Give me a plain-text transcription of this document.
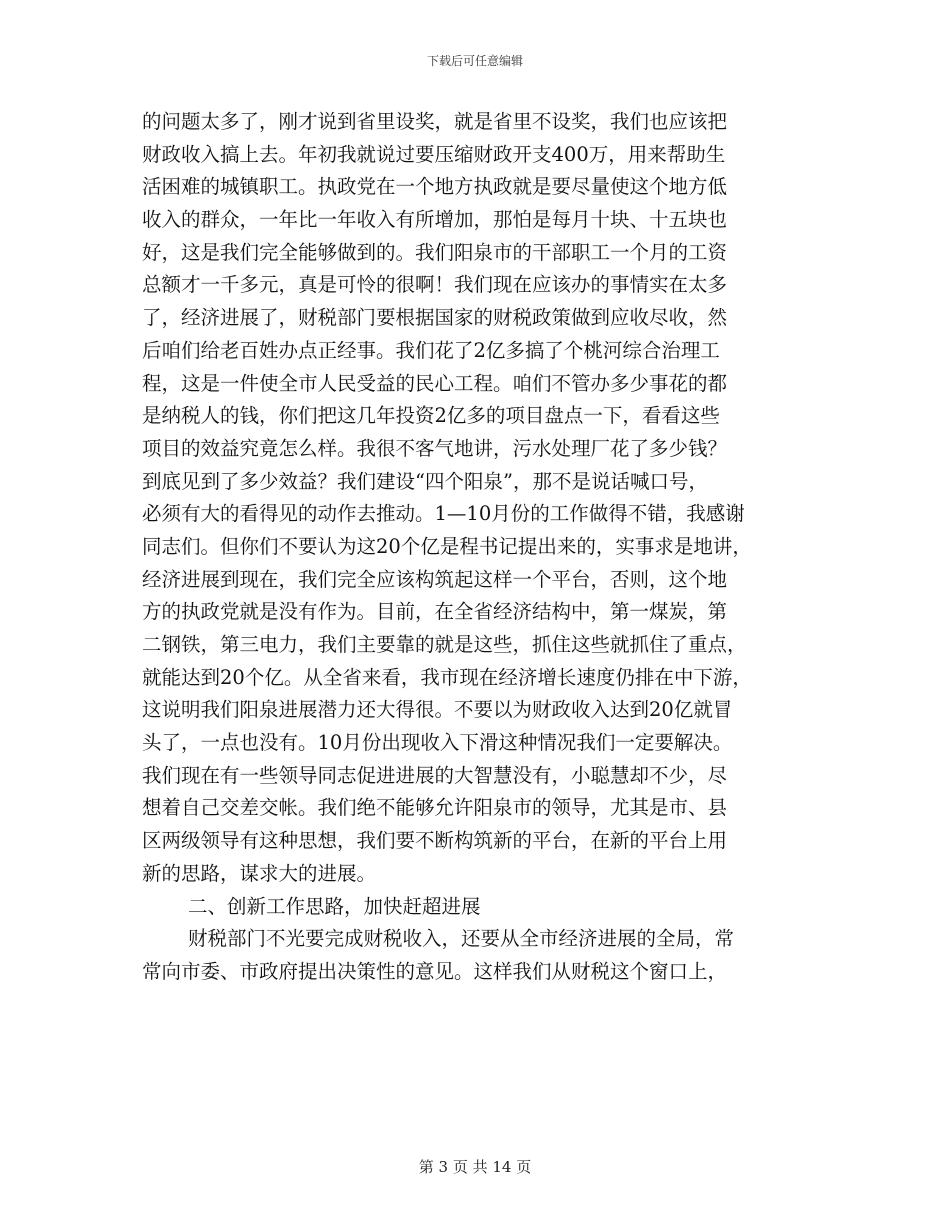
下载后可任意编辑
的问题太多了，刚才说到省里设奖，就是省里不设奖，我们也应该把
财政收入搞上去。年初我就说过要压缩财政开支400万，用来帮助生
活困难的城镇职工。执政党在一个地方执政就是要尽量使这个地方低
收入的群众，一年比一年收入有所增加，那怕是每月十块、十五块也
好，这是我们完全能够做到的。我们阳泉市的干部职工一个月的工资
总额才一千多元，真是可怜的很啊！我们现在应该办的事情实在太多
了，经济进展了，财税部门要根据国家的财税政策做到应收尽收，然
后咱们给老百姓办点正经事。我们花了2亿多搞了个桃河综合治理工
程，这是一件使全市人民受益的民心工程。咱们不管办多少事花的都
是纳税人的钱，你们把这几年投资2亿多的项目盘点一下，看看这些
项目的效益究竟怎么样。我很不客气地讲，污水处理厂花了多少钱？
到底见到了多少效益？我们建设“四个阳泉”，那不是说话喊口号，
必须有大的看得见的动作去推动。1—10月份的工作做得不错，我感谢
同志们。但你们不要认为这20个亿是程书记提出来的，实事求是地讲，
经济进展到现在，我们完全应该构筑起这样一个平台，否则，这个地
方的执政党就是没有作为。目前，在全省经济结构中，第一煤炭，第
二钢铁，第三电力，我们主要靠的就是这些，抓住这些就抓住了重点，
就能达到20个亿。从全省来看，我市现在经济增长速度仍排在中下游，
这说明我们阳泉进展潜力还大得很。不要以为财政收入达到20亿就冒
头了，一点也没有。10月份出现收入下滑这种情况我们一定要解决。
我们现在有一些领导同志促进进展的大智慧没有，小聪慧却不少，尽
想着自己交差交帐。我们绝不能够允许阳泉市的领导，尤其是市、县
区两级领导有这种思想，我们要不断构筑新的平台，在新的平台上用
新的思路，谋求大的进展。
二、创新工作思路，加快赶超进展
财税部门不光要完成财税收入，还要从全市经济进展的全局，常
常向市委、市政府提出决策性的意见。这样我们从财税这个窗口上，
第 3 页 共 14 页
